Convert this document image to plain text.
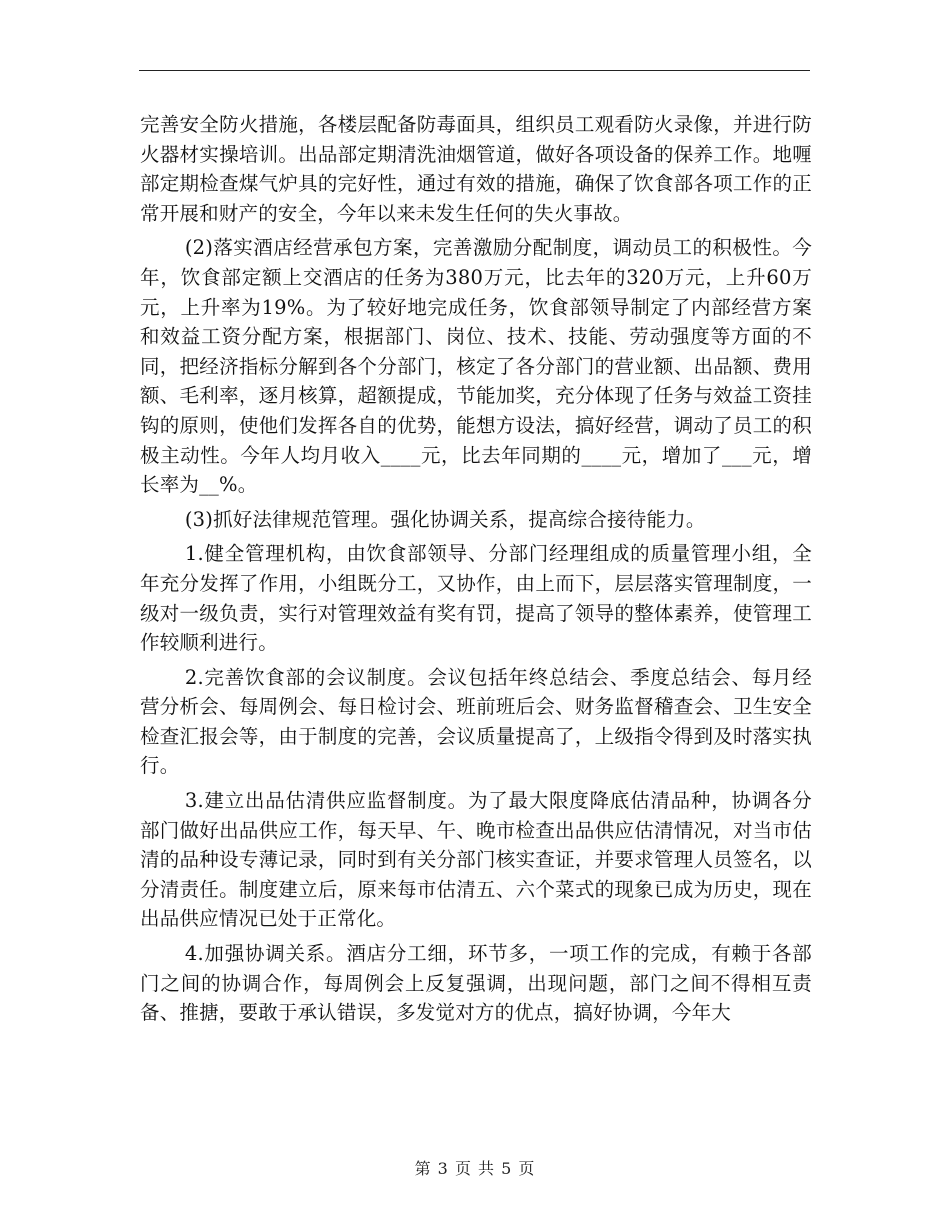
完善安全防火措施，各楼层配备防毒面具，组织员工观看防火录像，并进行防火器材实操培训。出品部定期清洗油烟管道，做好各项设备的保养工作。地喱部定期检查煤气炉具的完好性，通过有效的措施，确保了饮食部各项工作的正常开展和财产的安全，今年以来未发生任何的失火事故。

(2)落实酒店经营承包方案，完善激励分配制度，调动员工的积极性。今年，饮食部定额上交酒店的任务为380万元，比去年的320万元，上升60万元，上升率为19%。为了较好地完成任务，饮食部领导制定了内部经营方案和效益工资分配方案，根据部门、岗位、技术、技能、劳动强度等方面的不同，把经济指标分解到各个分部门，核定了各分部门的营业额、出品额、费用额、毛利率，逐月核算，超额提成，节能加奖，充分体现了任务与效益工资挂钩的原则，使他们发挥各自的优势，能想方设法，搞好经营，调动了员工的积极主动性。今年人均月收入____元，比去年同期的____元，增加了___元，增长率为__%。

(3)抓好法律规范管理。强化协调关系，提高综合接待能力。

1.健全管理机构，由饮食部领导、分部门经理组成的质量管理小组，全年充分发挥了作用，小组既分工，又协作，由上而下，层层落实管理制度，一级对一级负责，实行对管理效益有奖有罚，提高了领导的整体素养，使管理工作较顺利进行。

2.完善饮食部的会议制度。会议包括年终总结会、季度总结会、每月经营分析会、每周例会、每日检讨会、班前班后会、财务监督稽查会、卫生安全检查汇报会等，由于制度的完善，会议质量提高了，上级指令得到及时落实执行。

3.建立出品估清供应监督制度。为了最大限度降底估清品种，协调各分部门做好出品供应工作，每天早、午、晚市检查出品供应估清情况，对当市估清的品种设专薄记录，同时到有关分部门核实查证，并要求管理人员签名，以分清责任。制度建立后，原来每市估清五、六个菜式的现象已成为历史，现在出品供应情况已处于正常化。

4.加强协调关系。酒店分工细，环节多，一项工作的完成，有赖于各部门之间的协调合作，每周例会上反复强调，出现问题，部门之间不得相互责备、推搪，要敢于承认错误，多发觉对方的优点，搞好协调，今年大

第 3 页 共 5 页
